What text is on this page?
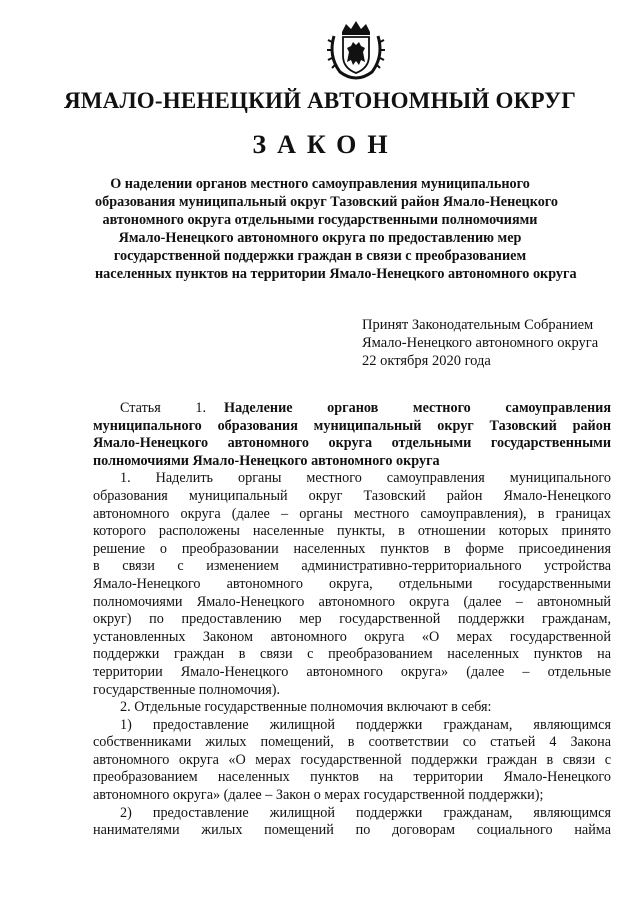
ЯМАЛО-НЕНЕЦКИЙ АВТОНОМНЫЙ ОКРУГ
ЗАКОН
О наделении органов местного самоуправления муниципального
образования муниципальный округ Тазовский район Ямало-Ненецкого
автономного округа отдельными государственными полномочиями
Ямало-Ненецкого автономного округа по предоставлению мер
государственной поддержки граждан в связи с преобразованием
населенных пунктов на территории Ямало-Ненецкого автономного округа
Принят Законодательным Собранием
Ямало-Ненецкого автономного округа
22 октября 2020 года
Статья 1. Наделение органов местного самоуправления
муниципального образования муниципальный округ Тазовский район
Ямало-Ненецкого автономного округа отдельными государственными
полномочиями Ямало-Ненецкого автономного округа
1. Наделить органы местного самоуправления муниципального
образования муниципальный округ Тазовский район Ямало-Ненецкого
автономного округа (далее – органы местного самоуправления), в границах
которого расположены населенные пункты, в отношении которых принято
решение о преобразовании населенных пунктов в форме присоединения
в связи с изменением административно-территориального устройства
Ямало-Ненецкого автономного округа, отдельными государственными
полномочиями Ямало-Ненецкого автономного округа (далее – автономный
округ) по предоставлению мер государственной поддержки гражданам,
установленных Законом автономного округа «О мерах государственной
поддержки граждан в связи с преобразованием населенных пунктов на
территории Ямало-Ненецкого автономного округа» (далее – отдельные
государственные полномочия).
2. Отдельные государственные полномочия включают в себя:
1) предоставление жилищной поддержки гражданам, являющимся
собственниками жилых помещений, в соответствии со статьей 4 Закона
автономного округа «О мерах государственной поддержки граждан в связи с
преобразованием населенных пунктов на территории Ямало-Ненецкого
автономного округа» (далее – Закон о мерах государственной поддержки);
2) предоставление жилищной поддержки гражданам, являющимся
нанимателями жилых помещений по договорам социального найма
